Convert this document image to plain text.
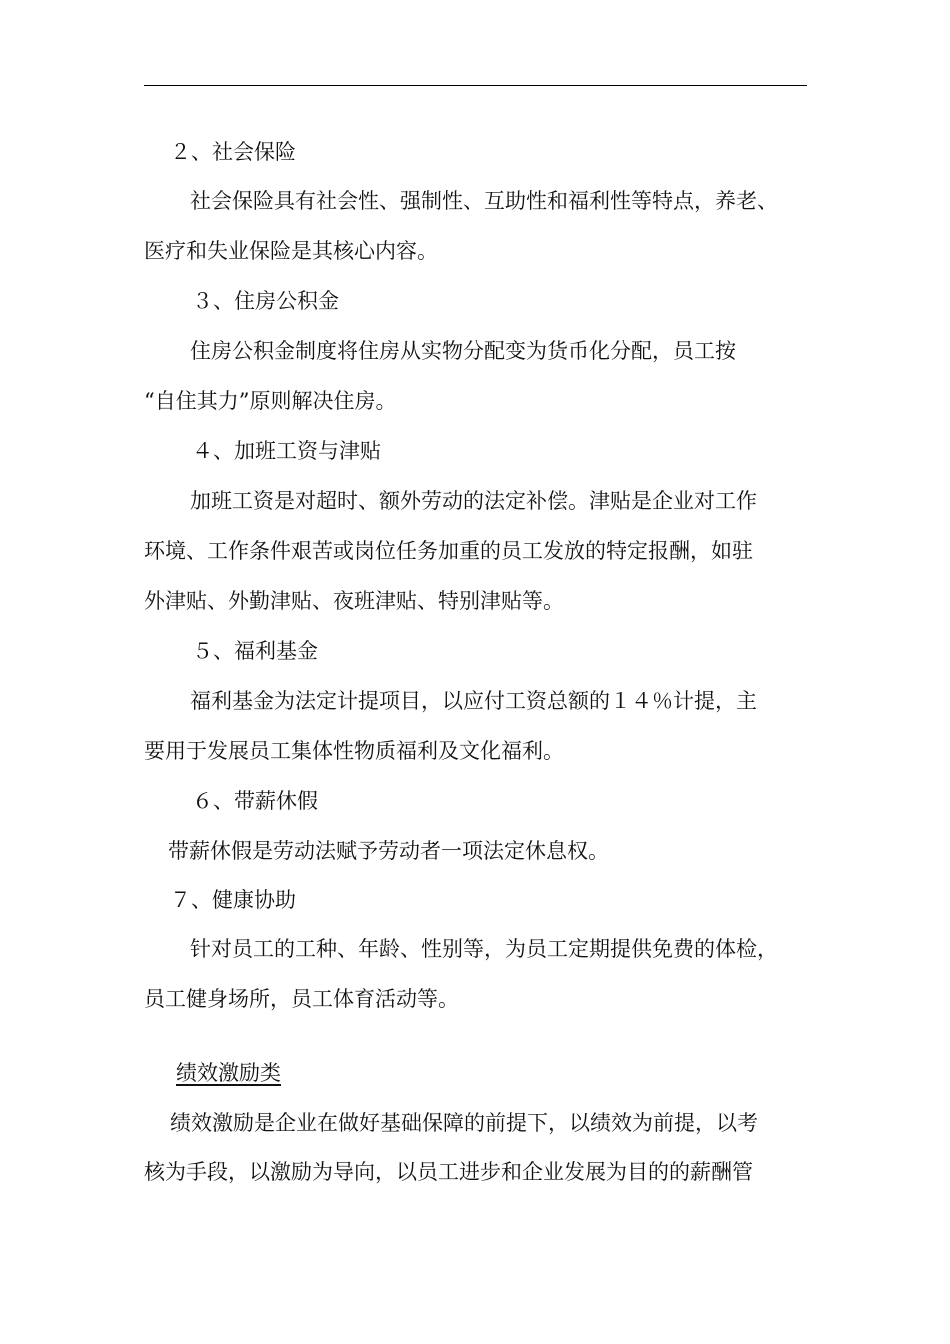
２、社会保险
社会保险具有社会性、强制性、互助性和福利性等特点，养老、
医疗和失业保险是其核心内容。
３、住房公积金
住房公积金制度将住房从实物分配变为货币化分配，员工按
“自住其力”原则解决住房。
４、加班工资与津贴
加班工资是对超时、额外劳动的法定补偿。津贴是企业对工作
环境、工作条件艰苦或岗位任务加重的员工发放的特定报酬，如驻
外津贴、外勤津贴、夜班津贴、特别津贴等。
５、福利基金
福利基金为法定计提项目，以应付工资总额的１４％计提，主
要用于发展员工集体性物质福利及文化福利。
６、带薪休假
带薪休假是劳动法赋予劳动者一项法定休息权。
７、健康协助
针对员工的工种、年龄、性别等，为员工定期提供免费的体检，
员工健身场所，员工体育活动等。
绩效激励类
绩效激励是企业在做好基础保障的前提下，以绩效为前提，以考
核为手段，以激励为导向，以员工进步和企业发展为目的的薪酬管
